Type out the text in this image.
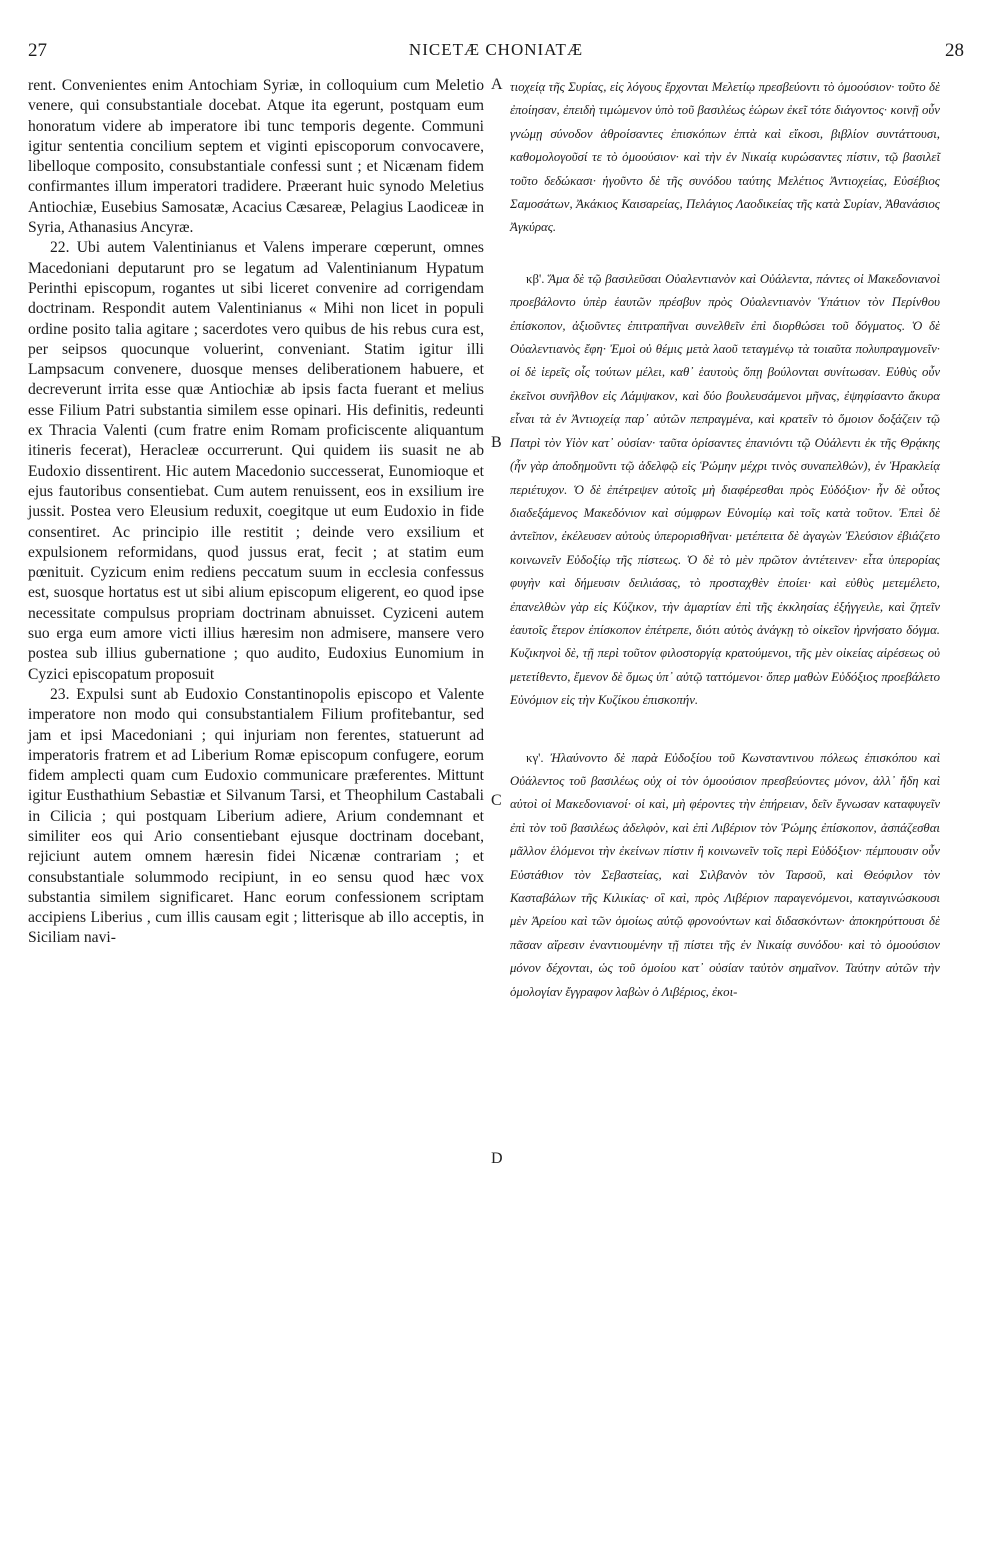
27	NICETÆ CHONIATÆ	28

rent. Convenientes enim Antochiam Syriæ, in colloquium cum Meletio venere, qui consubstantiale docebat. Atque ita egerunt, postquam eum honoratum videre ab imperatore ibi tunc temporis degente. Communi igitur sententia concilium septem et viginti episcoporum convocavere, libelloque composito, consubstantiale confessi sunt ; et Nicænam fidem confirmantes illum imperatori tradidere. Præerant huic synodo Meletius Antiochiæ, Eusebius Samosatæ, Acacius Cæsareæ, Pelagius Laodiceæ in Syria, Athanasius Ancyræ.

22. Ubi autem Valentinianus et Valens imperare cœperunt, omnes Macedoniani deputarunt pro se legatum ad Valentinianum Hypatum Perinthi episcopum, rogantes ut sibi liceret convenire ad corrigendam doctrinam. Respondit autem Valentinianus « Mihi non licet in populi ordine posito talia agitare ; sacerdotes vero quibus de his rebus cura est, per seipsos quocunque voluerint, conveniant. Statim igitur illi Lampsacum convenere, duosque menses deliberationem habuere, et decreverunt irrita esse quæ Antiochiæ ab ipsis facta fuerant et melius esse Filium Patri substantia similem esse opinari. His definitis, redeunti ex Thracia Valenti (cum fratre enim Romam proficiscente aliquantum itineris fecerat), Heracleæ occurrerunt. Qui quidem iis suasit ne ab Eudoxio dissentirent. Hic autem Macedonio successerat, Eunomioque et ejus fautoribus consentiebat. Cum autem renuissent, eos in exsilium ire jussit. Postea vero Eleusium reduxit, coegitque ut eum Eudoxio in fide consentiret. Ac principio ille restitit ; deinde vero exsilium et expulsionem reformidans, quod jussus erat, fecit ; at statim eum pœnituit. Cyzicum enim rediens peccatum suum in ecclesia confessus est, suosque hortatus est ut sibi alium episcopum eligerent, eo quod ipse necessitate compulsus propriam doctrinam abnuisset. Cyziceni autem suo erga eum amore victi illius hæresim non admisere, mansere vero postea sub illius gubernatione ; quo audito, Eudoxius Eunomium in Cyzici episcopatum proposuit

23. Expulsi sunt ab Eudoxio Constantinopolis episcopo et Valente imperatore non modo qui consubstantialem Filium profitebantur, sed jam et ipsi Macedoniani ; qui injuriam non ferentes, statuerunt ad imperatoris fratrem et ad Liberium Romæ episcopum confugere, eorum fidem amplecti quam cum Eudoxio communicare præferentes. Mittunt igitur Eusthathium Sebastiæ et Silvanum Tarsi, et Theophilum Castabali in Cilicia ; qui postquam Liberium adiere, Arium condemnant et similiter eos qui Ario consentiebant ejusque doctrinam docebant, rejiciunt autem omnem hæresin fidei Nicænæ contrariam ; et consubstantiale solummodo recipiunt, in eo sensu quod hæc vox substantia similem significaret. Hanc eorum confessionem scriptam accipiens Liberius , cum illis causam egit ; litterisque ab illo acceptis, in Siciliam navi-

A
B
C
D

τιοχείᾳ τῆς Συρίας, εἰς λόγους ἔρχονται Μελετίῳ πρεσβεύοντι τὸ ὁμοούσιον· τοῦτο δὲ ἐποίησαν, ἐπειδὴ τιμώμενον ὑπὸ τοῦ βασιλέως ἑώρων ἐκεῖ τότε διάγοντος· κοινῇ οὖν γνώμῃ σύνοδον ἀθροίσαντες ἐπισκόπων ἑπτὰ καὶ εἴκοσι, βιβλίον συντάττουσι, καθομολογοῦσί τε τὸ ὁμοούσιον· καὶ τὴν ἐν Νικαίᾳ κυρώσαντες πίστιν, τῷ βασιλεῖ τοῦτο δεδώκασι· ἡγοῦντο δὲ τῆς συνόδου ταύτης Μελέτιος Ἀντιοχείας, Εὐσέβιος Σαμοσάτων, Ἀκάκιος Καισαρείας, Πελάγιος Λαοδικείας τῆς κατὰ Συρίαν, Ἀθανάσιος Ἀγκύρας.

κβ'. Ἅμα δὲ τῷ βασιλεῦσαι Οὐαλεντιανὸν καὶ Οὐάλεντα, πάντες οἱ Μακεδονιανοὶ προεβάλοντο ὑπὲρ ἑαυτῶν πρέσβυν πρὸς Οὐαλεντιανὸν Ὑπάτιον τὸν Περίνθου ἐπίσκοπον, ἀξιοῦντες ἐπιτραπῆναι συνελθεῖν ἐπὶ διορθώσει τοῦ δόγματος. Ὁ δὲ Οὐαλεντιανὸς ἔφη· Ἐμοὶ οὐ θέμις μετὰ λαοῦ τεταγμένῳ τὰ τοιαῦτα πολυπραγμονεῖν· οἱ δὲ ἱερεῖς οἷς τούτων μέλει, καθ᾽ ἑαυτοὺς ὅπῃ βούλονται συνίτωσαν. Εὐθὺς οὖν ἐκεῖνοι συνῆλθον εἰς Λάμψακον, καὶ δύο βουλευσάμενοι μῆνας, ἐψηφίσαντο ἄκυρα εἶναι τὰ ἐν Ἀντιοχείᾳ παρ᾽ αὐτῶν πεπραγμένα, καὶ κρατεῖν τὸ ὅμοιον δοξάζειν τῷ Πατρὶ τὸν Υἱὸν κατ᾽ οὐσίαν· ταῦτα ὁρίσαντες ἐπανιόντι τῷ Οὐάλεντι ἐκ τῆς Θρᾴκης (ἦν γὰρ ἀποδημοῦντι τῷ ἀδελφῷ εἰς Ῥώμην μέχρι τινὸς συναπελθών), ἐν Ἡρακλείᾳ περιέτυχον. Ὁ δὲ ἐπέτρεψεν αὐτοῖς μὴ διαφέρεσθαι πρὸς Εὐδόξιον· ἦν δὲ οὗτος διαδεξάμενος Μακεδόνιον καὶ σύμφρων Εὐνομίῳ καὶ τοῖς κατὰ τοῦτον. Ἐπεὶ δὲ ἀντεῖπον, ἐκέλευσεν αὐτοὺς ὑπερορισθῆναι· μετέπειτα δὲ ἀγαγὼν Ἐλεύσιον ἐβιάζετο κοινωνεῖν Εὐδοξίῳ τῆς πίστεως. Ὁ δὲ τὸ μὲν πρῶτον ἀντέτεινεν· εἶτα ὑπερορίας φυγὴν καὶ δήμευσιν δειλιάσας, τὸ προσταχθὲν ἐποίει· καὶ εὐθὺς μετεμέλετο, ἐπανελθὼν γὰρ εἰς Κύζικον, τὴν ἁμαρτίαν ἐπὶ τῆς ἐκκλησίας ἐξήγγειλε, καὶ ζητεῖν ἑαυτοῖς ἕτερον ἐπίσκοπον ἐπέτρεπε, διότι αὐτὸς ἀνάγκῃ τὸ οἰκεῖον ἠρνήσατο δόγμα. Κυζικηνοὶ δὲ, τῇ περὶ τοῦτον φιλοστοργίᾳ κρατούμενοι, τῆς μὲν οἰκείας αἱρέσεως οὐ μετετίθεντο, ἔμενον δὲ ὅμως ὑπ᾽ αὐτῷ ταττόμενοι· ὅπερ μαθὼν Εὐδόξιος προεβάλετο Εὐνόμιον εἰς τὴν Κυζίκου ἐπισκοπήν.

κγ'. Ἠλαύνοντο δὲ παρὰ Εὐδοξίου τοῦ Κωνσταντινου πόλεως ἐπισκόπου καὶ Οὐάλεντος τοῦ βασιλέως οὐχ οἱ τὸν ὁμοούσιον πρεσβεύοντες μόνον, ἀλλ᾽ ἤδη καὶ αὐτοὶ οἱ Μακεδονιανοί· οἱ καὶ, μὴ φέροντες τὴν ἐπήρειαν, δεῖν ἔγνωσαν καταφυγεῖν ἐπὶ τὸν τοῦ βασιλέως ἀδελφὸν, καὶ ἐπὶ Λιβέριον τὸν Ῥώμης ἐπίσκοπον, ἀσπάζεσθαι μᾶλλον ἑλόμενοι τὴν ἐκείνων πίστιν ἢ κοινωνεῖν τοῖς περὶ Εὐδόξιον· πέμπουσιν οὖν Εὐστάθιον τὸν Σεβαστείας, καὶ Σιλβανὸν τὸν Ταρσοῦ, καὶ Θεόφιλον τὸν Κασταβάλων τῆς Κιλικίας· οἳ καὶ, πρὸς Λιβέριον παραγενόμενοι, καταγινώσκουσι μὲν Ἀρείου καὶ τῶν ὁμοίως αὐτῷ φρονούντων καὶ διδασκόντων· ἀποκηρύττουσι δὲ πᾶσαν αἵρεσιν ἐναντιουμένην τῇ πίστει τῆς ἐν Νικαίᾳ συνόδου· καὶ τὸ ὁμοούσιον μόνον δέχονται, ὡς τοῦ ὁμοίου κατ᾽ οὐσίαν ταὐτὸν σημαῖνον. Ταύτην αὐτῶν τὴν ὁμολογίαν ἔγγραφον λαβὼν ὁ Λιβέριος, ἐκοι-
